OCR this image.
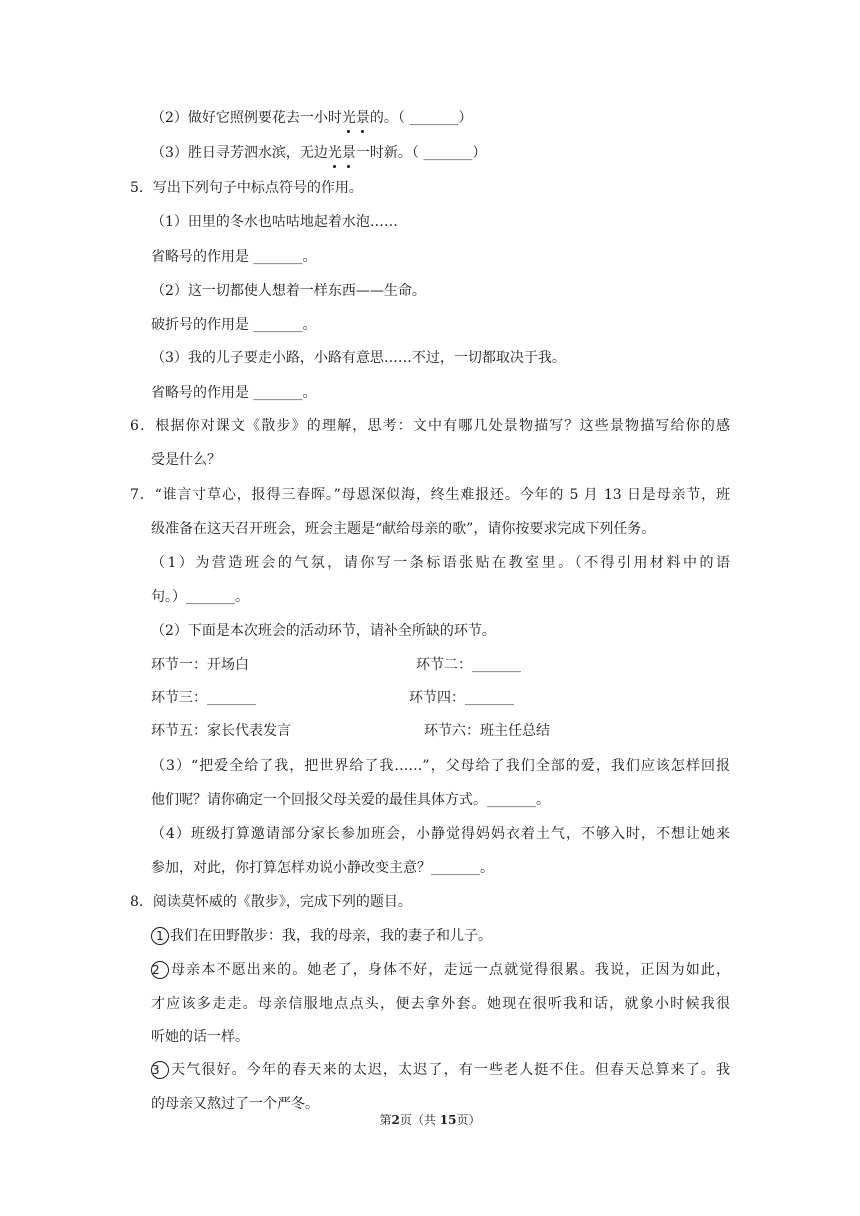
（2）做好它照例要花去一小时光景的。（ _______）
（3）胜日寻芳泗水滨，无边光景一时新。（ _______）
5．写出下列句子中标点符号的作用。
（1）田里的冬水也咕咕地起着水泡……
省略号的作用是 _______。
（2）这一切都使人想着一样东西——生命。
破折号的作用是 _______。
（3）我的儿子要走小路，小路有意思……不过，一切都取决于我。
省略号的作用是 _______。
6．根据你对课文《散步》的理解，思考：文中有哪几处景物描写？这些景物描写给你的感
受是什么？
7．“谁言寸草心，报得三春晖。”母恩深似海，终生难报还。今年的 5 月 13 日是母亲节，班
级准备在这天召开班会，班会主题是“献给母亲的歌”，请你按要求完成下列任务。
（1）为营造班会的气氛，请你写一条标语张贴在教室里。（不得引用材料中的语
句。）_______。
（2）下面是本次班会的活动环节，请补全所缺的环节。
环节一：开场白	环节二：_______
环节三：_______	环节四：_______
环节五：家长代表发言	环节六：班主任总结
（3）“把爱全给了我，把世界给了我……”，父母给了我们全部的爱，我们应该怎样回报
他们呢？请你确定一个回报父母关爱的最佳具体方式。_______。
（4）班级打算邀请部分家长参加班会，小静觉得妈妈衣着土气，不够入时，不想让她来
参加，对此，你打算怎样劝说小静改变主意？_______。
8．阅读莫怀威的《散步》，完成下列的题目。
1 我们在田野散步：我，我的母亲，我的妻子和儿子。
2 母亲本不愿出来的。她老了，身体不好，走远一点就觉得很累。我说，正因为如此，
才应该多走走。母亲信服地点点头，便去拿外套。她现在很听我和话，就象小时候我很
听她的话一样。
3 天气很好。今年的春天来的太迟，太迟了，有一些老人挺不住。但春天总算来了。我
的母亲又熬过了一个严冬。
第2页（共 15页）
